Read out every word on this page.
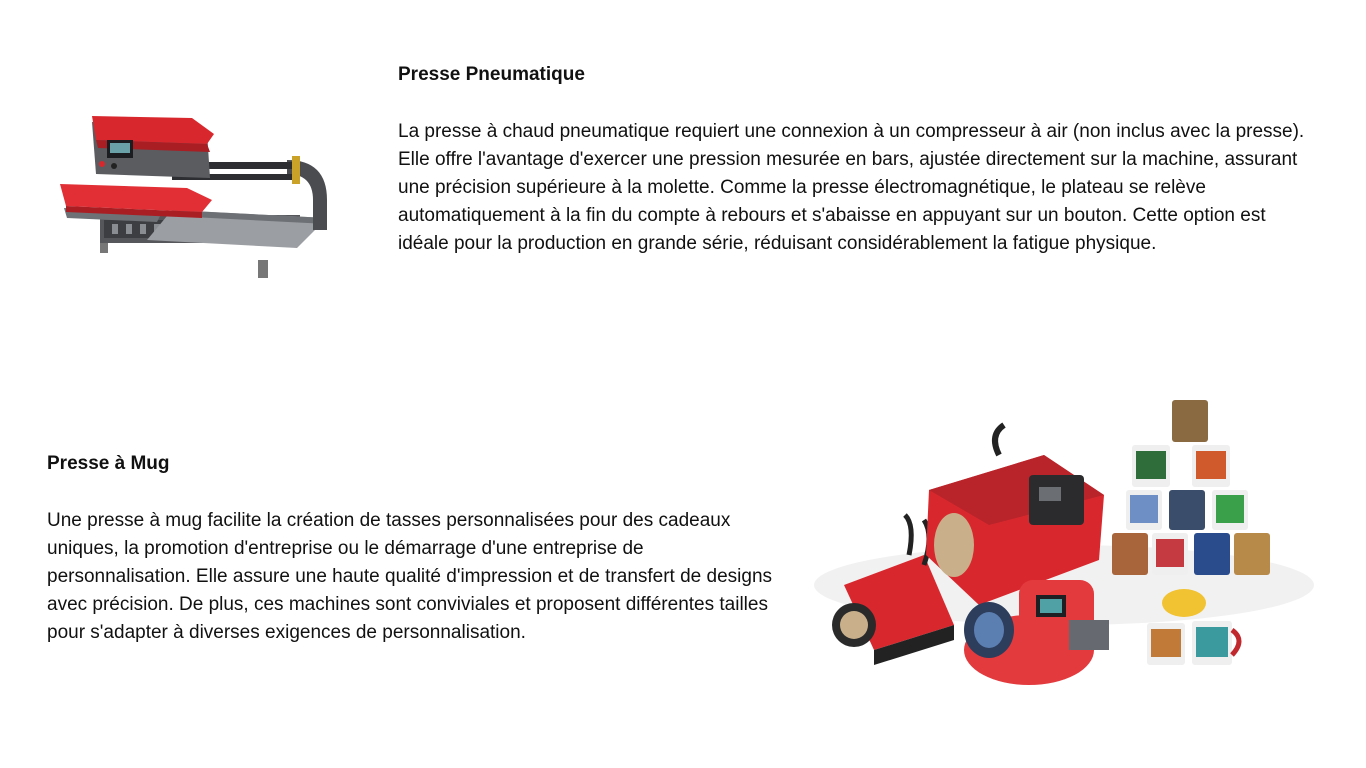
Presse Pneumatique

La presse à chaud pneumatique requiert une connexion à un compresseur à air (non inclus avec la presse). Elle offre l'avantage d'exercer une pression mesurée en bars, ajustée directement sur la machine, assurant une précision supérieure à la molette. Comme la presse électromagnétique, le plateau se relève automatiquement à la fin du compte à rebours et s'abaisse en appuyant sur un bouton. Cette option est idéale pour la production en grande série, réduisant considérablement la fatigue physique.

Presse à Mug

Une presse à mug facilite la création de tasses personnalisées pour des cadeaux uniques, la promotion d'entreprise ou le démarrage d'une entreprise de personnalisation. Elle assure une haute qualité d'impression et de transfert de designs avec précision. De plus, ces machines sont conviviales et proposent différentes tailles pour s'adapter à diverses exigences de personnalisation.
